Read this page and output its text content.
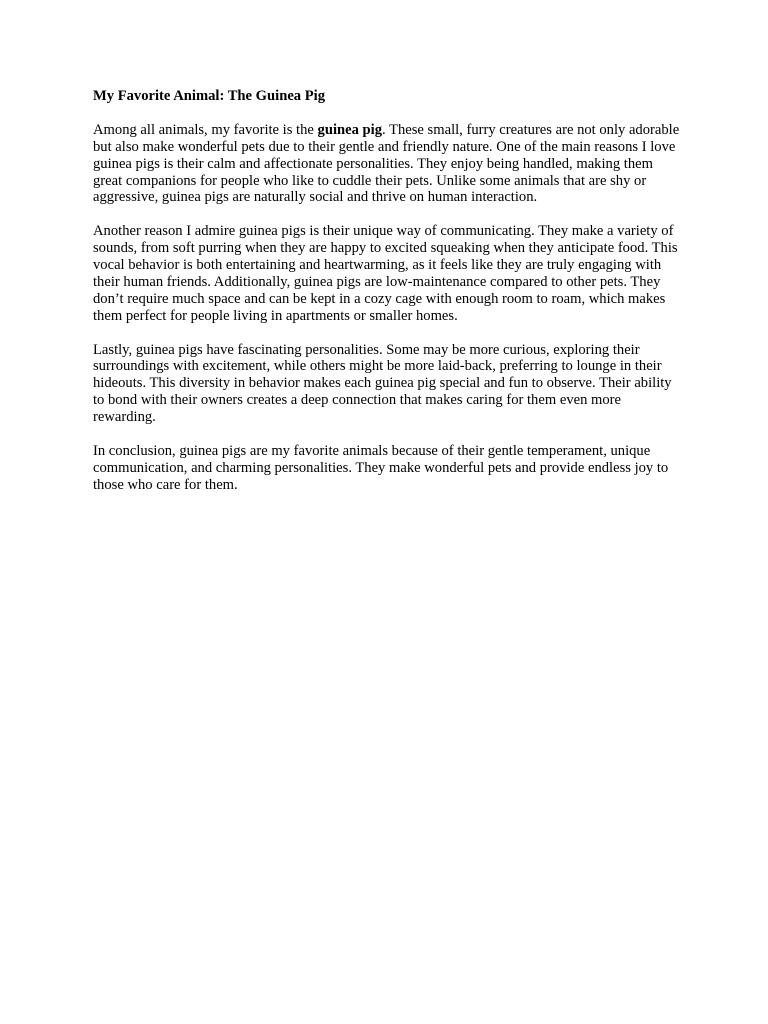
My Favorite Animal: The Guinea Pig

Among all animals, my favorite is the guinea pig. These small, furry creatures are not only adorable but also make wonderful pets due to their gentle and friendly nature. One of the main reasons I love guinea pigs is their calm and affectionate personalities. They enjoy being handled, making them great companions for people who like to cuddle their pets. Unlike some animals that are shy or aggressive, guinea pigs are naturally social and thrive on human interaction.

Another reason I admire guinea pigs is their unique way of communicating. They make a variety of sounds, from soft purring when they are happy to excited squeaking when they anticipate food. This vocal behavior is both entertaining and heartwarming, as it feels like they are truly engaging with their human friends. Additionally, guinea pigs are low-maintenance compared to other pets. They don’t require much space and can be kept in a cozy cage with enough room to roam, which makes them perfect for people living in apartments or smaller homes.

Lastly, guinea pigs have fascinating personalities. Some may be more curious, exploring their surroundings with excitement, while others might be more laid-back, preferring to lounge in their hideouts. This diversity in behavior makes each guinea pig special and fun to observe. Their ability to bond with their owners creates a deep connection that makes caring for them even more rewarding.

In conclusion, guinea pigs are my favorite animals because of their gentle temperament, unique communication, and charming personalities. They make wonderful pets and provide endless joy to those who care for them.
